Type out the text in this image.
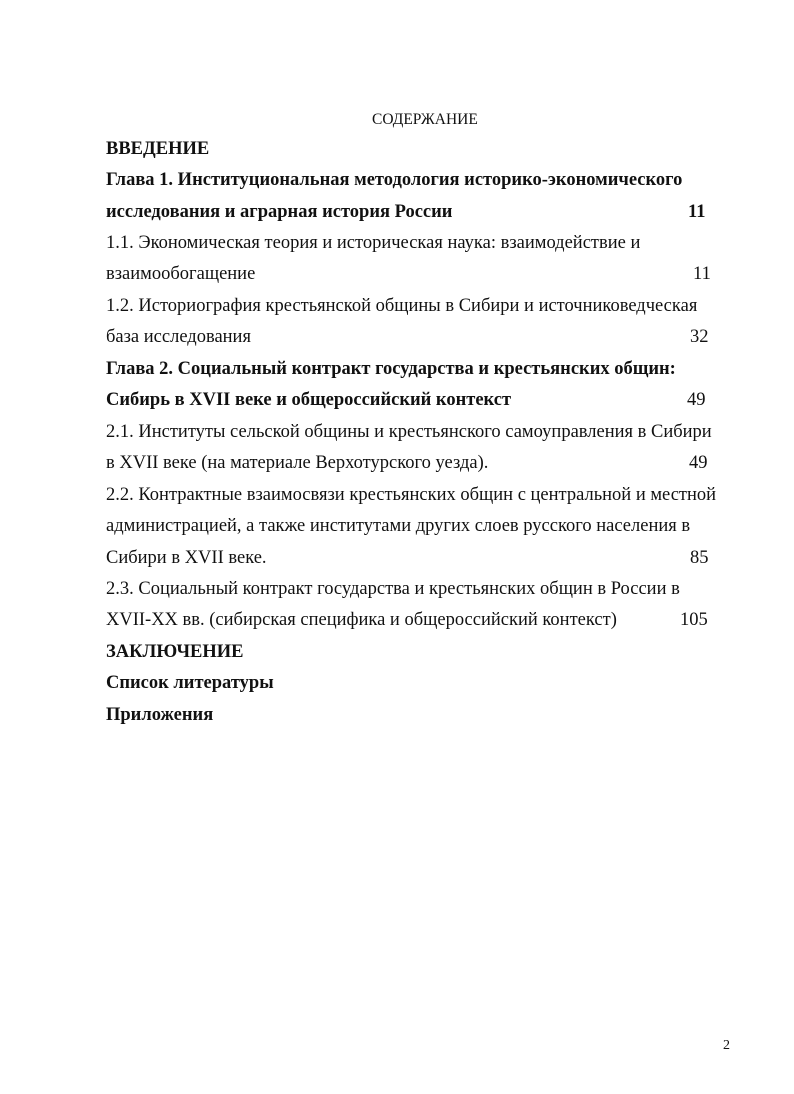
СОДЕРЖАНИЕ
ВВЕДЕНИЕ
Глава 1. Институциональная методология историко-экономического
исследования и аграрная история России	11
1.1. Экономическая теория и историческая наука: взаимодействие и
взаимообогащение	11
1.2. Историография крестьянской общины в Сибири и источниковедческая
база исследования	32
Глава 2. Социальный контракт государства и крестьянских общин:
Сибирь в XVII веке и общероссийский контекст	49
2.1. Институты сельской общины и крестьянского самоуправления в Сибири
в XVII веке (на материале Верхотурского уезда).	49
2.2. Контрактные взаимосвязи крестьянских общин с центральной и местной
администрацией, а также институтами других слоев русского населения в
Сибири в XVII веке.	85
2.3. Социальный контракт государства и крестьянских общин в России в
XVII-XX вв. (сибирская специфика и общероссийский контекст)	105
ЗАКЛЮЧЕНИЕ
Список литературы
Приложения
2
